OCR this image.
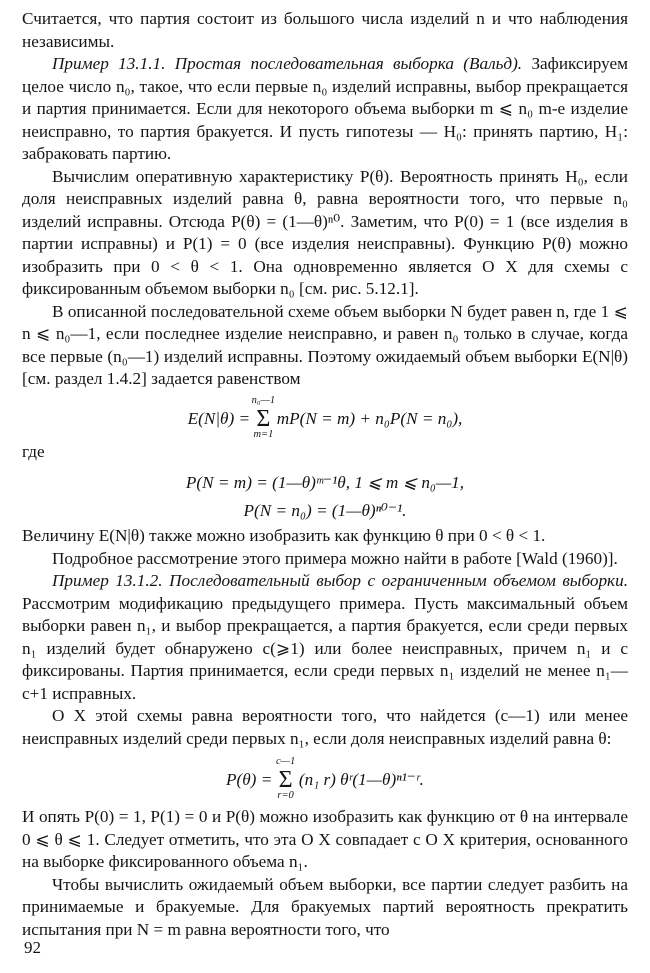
Считается, что партия состоит из большого числа изделий n и что наблюдения независимы.

Пример 13.1.1. Простая последовательная выборка (Вальд). Зафиксируем целое число n₀, такое, что если первые n₀ изделий исправны, выбор прекращается и партия принимается. Если для некоторого объема выборки m ⩽ n₀ m-е изделие неисправно, то партия бракуется. И пусть гипотезы — H₀: принять партию, H₁: забраковать партию.

Вычислим оперативную характеристику P(θ). Вероятность принять H₀, если доля неисправных изделий равна θ, равна вероятности того, что первые n₀ изделий исправны. Отсюда P(θ) = (1—θ)ⁿ⁰. Заметим, что P(0) = 1 (все изделия в партии исправны) и P(1) = 0 (все изделия неисправны). Функцию P(θ) можно изобразить при 0 < θ < 1. Она одновременно является О Х для схемы с фиксированным объемом выборки n₀ [см. рис. 5.12.1].

В описанной последовательной схеме объем выборки N будет равен n, где 1 ⩽ n ⩽ n₀—1, если последнее изделие неисправно, и равен n₀ только в случае, когда все первые (n₀—1) изделий исправны. Поэтому ожидаемый объем выборки E(N|θ) [см. раздел 1.4.2] задается равенством

E(N|θ) =
n₀—1
Σ
m=1
mP(N = m) + n₀P(N = n₀),

где

P(N = m) = (1—θ)ᵐ⁻¹θ, 1 ⩽ m ⩽ n₀—1,
P(N = n₀) = (1—θ)ⁿ⁰⁻¹.

Величину E(N|θ) также можно изобразить как функцию θ при 0 < θ < 1.

Подробное рассмотрение этого примера можно найти в работе [Wald (1960)].

Пример 13.1.2. Последовательный выбор с ограниченным объемом выборки. Рассмотрим модификацию предыдущего примера. Пусть максимальный объем выборки равен n₁, и выбор прекращается, а партия бракуется, если среди первых n₁ изделий будет обнаружено c(⩾1) или более неисправных, причем n₁ и c фиксированы. Партия принимается, если среди первых n₁ изделий не менее n₁—c+1 исправных.

О Х этой схемы равна вероятности того, что найдется (c—1) или менее неисправных изделий среди первых n₁, если доля неисправных изделий равна θ:

P(θ) =
c—1
Σ
r=0
(n₁ r) θʳ(1—θ)ⁿ¹⁻ʳ.

И опять P(0) = 1, P(1) = 0 и P(θ) можно изобразить как функцию от θ на интервале 0 ⩽ θ ⩽ 1. Следует отметить, что эта О Х совпадает с О Х критерия, основанного на выборке фиксированного объема n₁.

Чтобы вычислить ожидаемый объем выборки, все партии следует разбить на принимаемые и бракуемые. Для бракуемых партий вероятность прекратить испытания при N = m равна вероятности того, что

92
